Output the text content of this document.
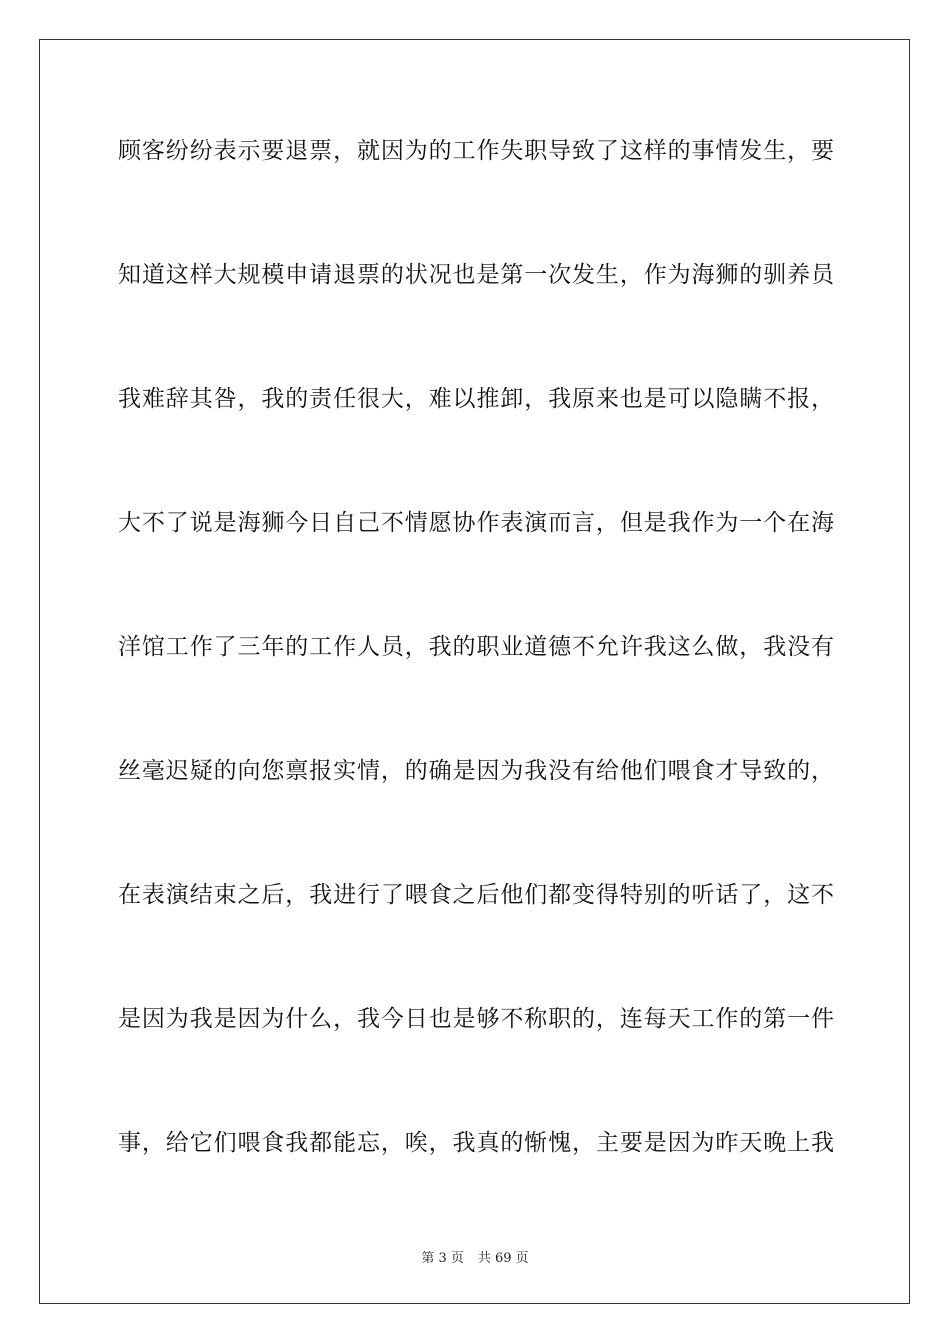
顾客纷纷表示要退票，就因为的工作失职导致了这样的事情发生，要
知道这样大规模申请退票的状况也是第一次发生，作为海狮的驯养员
我难辞其咎，我的责任很大，难以推卸，我原来也是可以隐瞒不报，
大不了说是海狮今日自己不情愿协作表演而言，但是我作为一个在海
洋馆工作了三年的工作人员，我的职业道德不允许我这么做，我没有
丝毫迟疑的向您禀报实情，的确是因为我没有给他们喂食才导致的，
在表演结束之后，我进行了喂食之后他们都变得特别的听话了，这不
是因为我是因为什么，我今日也是够不称职的，连每天工作的第一件
事，给它们喂食我都能忘，唉，我真的惭愧，主要是因为昨天晚上我
第 3 页 共 69 页
